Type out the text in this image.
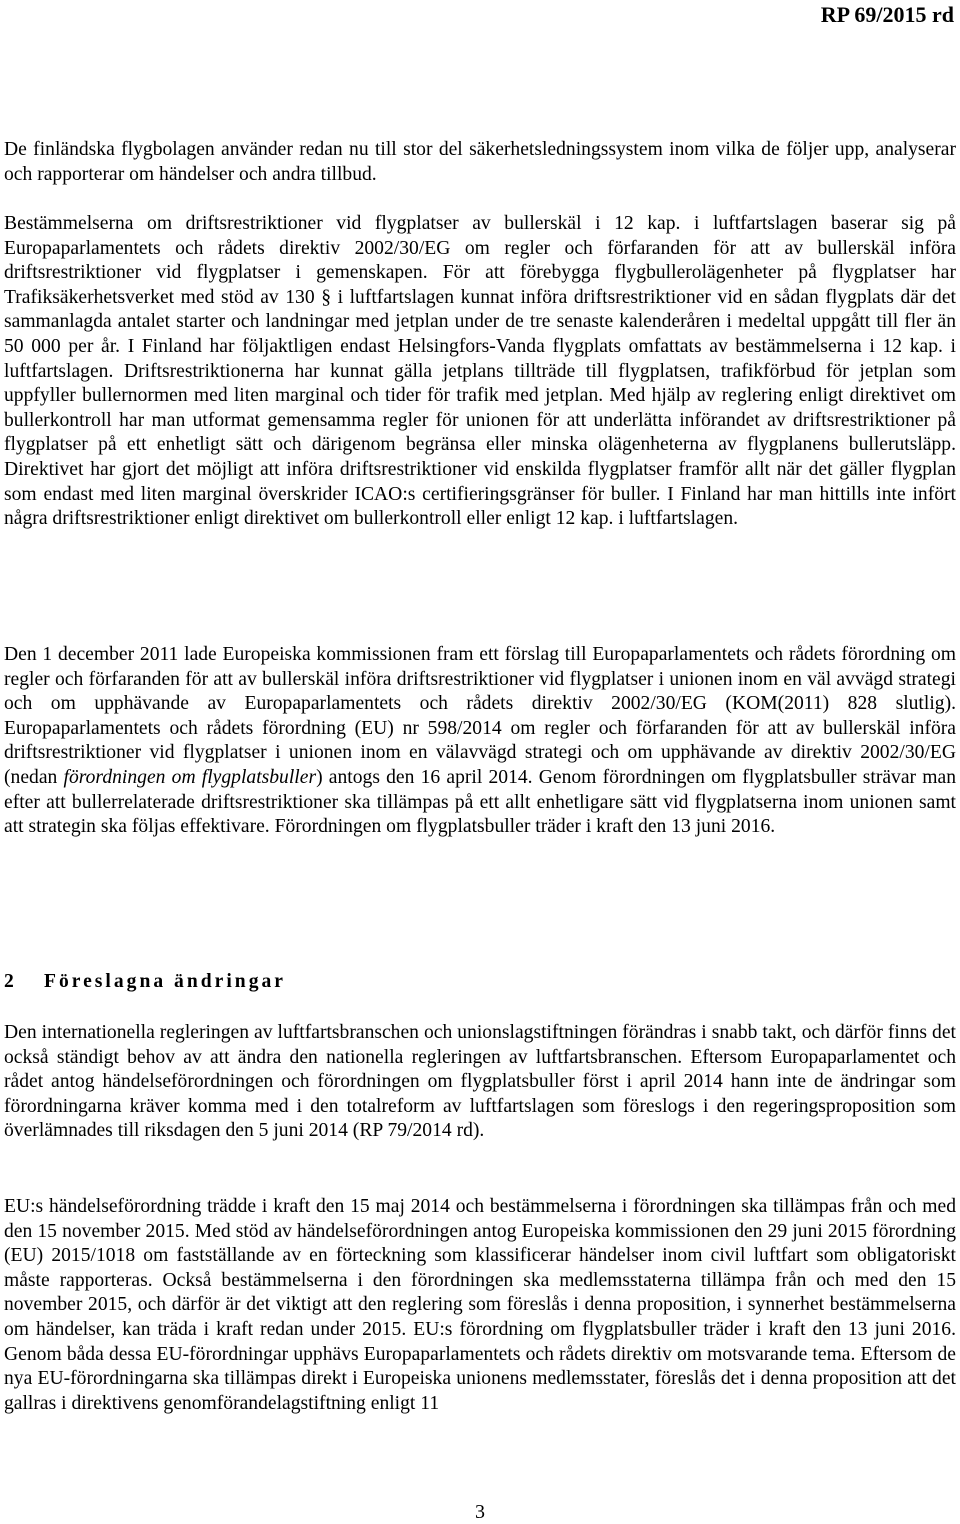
RP 69/2015 rd

De finländska flygbolagen använder redan nu till stor del säkerhetsledningssystem inom vilka de följer upp, analyserar och rapporterar om händelser och andra tillbud.

Bestämmelserna om driftsrestriktioner vid flygplatser av bullerskäl i 12 kap. i luftfartslagen baserar sig på Europaparlamentets och rådets direktiv 2002/30/EG om regler och förfaranden för att av bullerskäl införa driftsrestriktioner vid flygplatser i gemenskapen. För att förebygga flygbullerolägenheter på flygplatser har Trafiksäkerhetsverket med stöd av 130 § i luftfartslagen kunnat införa driftsrestriktioner vid en sådan flygplats där det sammanlagda antalet starter och landningar med jetplan under de tre senaste kalenderåren i medeltal uppgått till fler än 50 000 per år. I Finland har följaktligen endast Helsingfors-Vanda flygplats omfattats av bestämmelserna i 12 kap. i luftfartslagen. Driftsrestriktionerna har kunnat gälla jetplans tillträde till flygplatsen, trafikförbud för jetplan som uppfyller bullernormen med liten marginal och tider för trafik med jetplan. Med hjälp av reglering enligt direktivet om bullerkontroll har man utformat gemensamma regler för unionen för att underlätta införandet av driftsrestriktioner på flygplatser på ett enhetligt sätt och därigenom begränsa eller minska olägenheterna av flygplanens bullerutsläpp. Direktivet har gjort det möjligt att införa driftsrestriktioner vid enskilda flygplatser framför allt när det gäller flygplan som endast med liten marginal överskrider ICAO:s certifieringsgränser för buller. I Finland har man hittills inte infört några driftsrestriktioner enligt direktivet om bullerkontroll eller enligt 12 kap. i luftfartslagen.

Den 1 december 2011 lade Europeiska kommissionen fram ett förslag till Europaparlamentets och rådets förordning om regler och förfaranden för att av bullerskäl införa driftsrestriktioner vid flygplatser i unionen inom en väl avvägd strategi och om upphävande av Europaparlamentets och rådets direktiv 2002/30/EG (KOM(2011) 828 slutlig). Europaparlamentets och rådets förordning (EU) nr 598/2014 om regler och förfaranden för att av bullerskäl införa driftsrestriktioner vid flygplatser i unionen inom en välavvägd strategi och om upphävande av direktiv 2002/30/EG (nedan förordningen om flygplatsbuller) antogs den 16 april 2014. Genom förordningen om flygplatsbuller strävar man efter att bullerrelaterade driftsrestriktioner ska tillämpas på ett allt enhetligare sätt vid flygplatserna inom unionen samt att strategin ska följas effektivare. Förordningen om flygplatsbuller träder i kraft den 13 juni 2016.

2 Föreslagna ändringar

Den internationella regleringen av luftfartsbranschen och unionslagstiftningen förändras i snabb takt, och därför finns det också ständigt behov av att ändra den nationella regleringen av luftfartsbranschen. Eftersom Europaparlamentet och rådet antog händelseförordningen och förordningen om flygplatsbuller först i april 2014 hann inte de ändringar som förordningarna kräver komma med i den totalreform av luftfartslagen som föreslogs i den regeringsproposition som överlämnades till riksdagen den 5 juni 2014 (RP 79/2014 rd).

EU:s händelseförordning trädde i kraft den 15 maj 2014 och bestämmelserna i förordningen ska tillämpas från och med den 15 november 2015. Med stöd av händelseförordningen antog Europeiska kommissionen den 29 juni 2015 förordning (EU) 2015/1018 om fastställande av en förteckning som klassificerar händelser inom civil luftfart som obligatoriskt måste rapporteras. Också bestämmelserna i den förordningen ska medlemsstaterna tillämpa från och med den 15 november 2015, och därför är det viktigt att den reglering som föreslås i denna proposition, i synnerhet bestämmelserna om händelser, kan träda i kraft redan under 2015. EU:s förordning om flygplatsbuller träder i kraft den 13 juni 2016. Genom båda dessa EU-förordningar upphävs Europaparlamentets och rådets direktiv om motsvarande tema. Eftersom de nya EU-förordningarna ska tillämpas direkt i Europeiska unionens medlemsstater, föreslås det i denna proposition att det gallras i direktivens genomförandelagstiftning enligt 11

3
